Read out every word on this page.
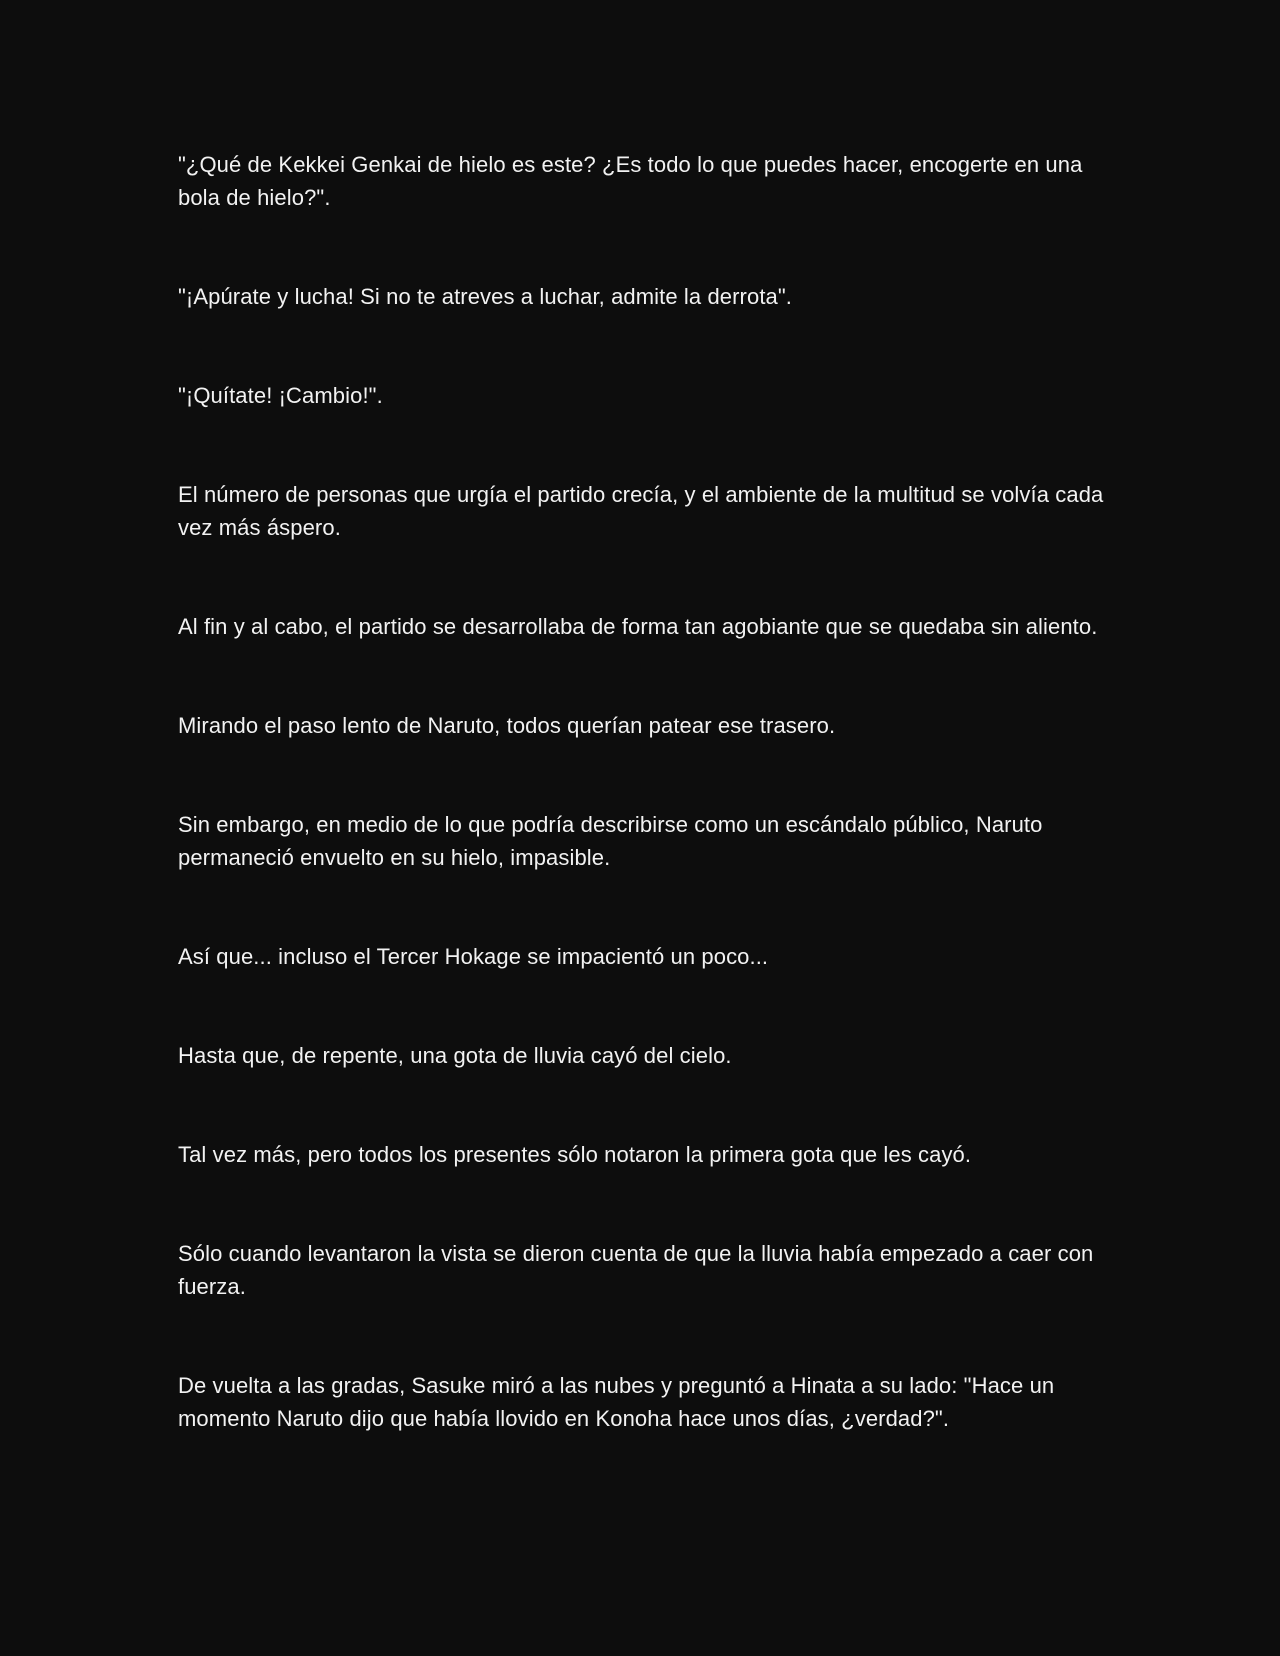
"¿Qué de Kekkei Genkai de hielo es este? ¿Es todo lo que puedes hacer, encogerte en una bola de hielo?".

"¡Apúrate y lucha! Si no te atreves a luchar, admite la derrota".

"¡Quítate! ¡Cambio!".

El número de personas que urgía el partido crecía, y el ambiente de la multitud se volvía cada vez más áspero.

Al fin y al cabo, el partido se desarrollaba de forma tan agobiante que se quedaba sin aliento.

Mirando el paso lento de Naruto, todos querían patear ese trasero.

Sin embargo, en medio de lo que podría describirse como un escándalo público, Naruto permaneció envuelto en su hielo, impasible.

Así que... incluso el Tercer Hokage se impacientó un poco...

Hasta que, de repente, una gota de lluvia cayó del cielo.

Tal vez más, pero todos los presentes sólo notaron la primera gota que les cayó.

Sólo cuando levantaron la vista se dieron cuenta de que la lluvia había empezado a caer con fuerza.

De vuelta a las gradas, Sasuke miró a las nubes y preguntó a Hinata a su lado: "Hace un momento Naruto dijo que había llovido en Konoha hace unos días, ¿verdad?".
